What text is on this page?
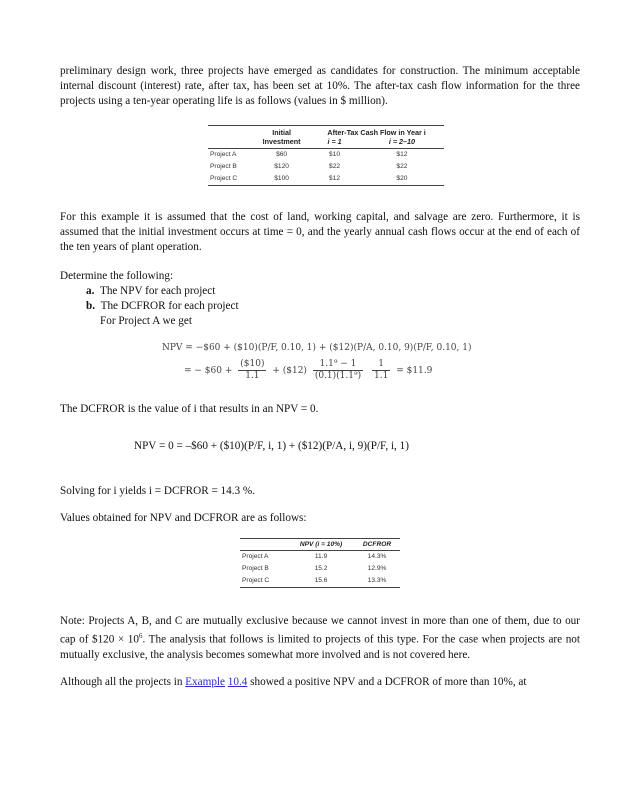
preliminary design work, three projects have emerged as candidates for construction. The minimum acceptable internal discount (interest) rate, after tax, has been set at 10%. The after-tax cash flow information for the three projects using a ten-year operating life is as follows (values in $ million).

	Initial	After-Tax Cash Flow in Year i	
	Investment	i = 1	i = 2–10
Project A	$60	$10	$12
Project B	$120	$22	$22
Project C	$100	$12	$20

For this example it is assumed that the cost of land, working capital, and salvage are zero. Furthermore, it is assumed that the initial investment occurs at time = 0, and the yearly annual cash flows occur at the end of each of the ten years of plant operation.

Determine the following:

a. The NPV for each project
b. The DCFROR for each project
For Project A we get
NPV = −$60 + ($10)(P/F, 0.10, 1) + ($12)(P/A, 0.10, 9)(P/F, 0.10, 1)
= − $60 + $\frac{(\$10)}{1.1}$ + ($12) $\frac{\text{1.1⁹ − 1}}{\text{(0.1)(1.1⁹)}}$
$\frac{1}{1.1}$ = $11.9

The DCFROR is the value of i that results in an NPV = 0.

NPV = 0 = –$60 + ($10)(P/F, i, 1) + ($12)(P/A, i, 9)(P/F, i, 1)

Solving for i yields i = DCFROR = 14.3 %.

Values obtained for NPV and DCFROR are as follows:

	NPV (i = 10%)	DCFROR
Project A	11.9	14.3%
Project B	15.2	12.9%
Project C	15.6	13.3%

Note: Projects A, B, and C are mutually exclusive because we cannot invest in more than one of them, due to our cap of $120 × $10^6$. The analysis that follows is limited to projects of this type. For the case when projects are not mutually exclusive, the analysis becomes somewhat more involved and is not covered here.

Although all the projects in Example 10.4 showed a positive NPV and a DCFROR of more than 10%, at
